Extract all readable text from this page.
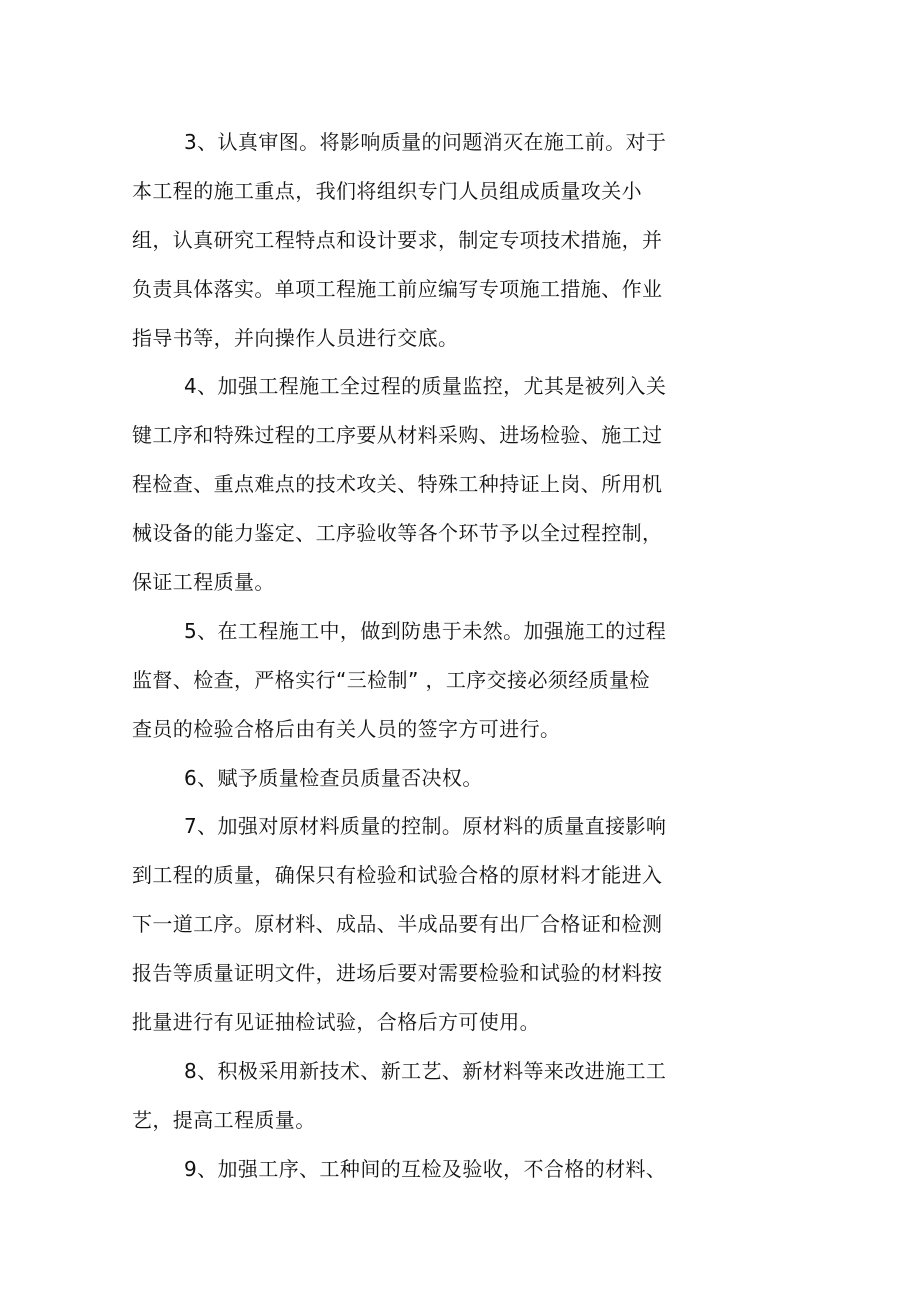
3、认真审图。将影响质量的问题消灭在施工前。对于
本工程的施工重点，我们将组织专门人员组成质量攻关小
组，认真研究工程特点和设计要求，制定专项技术措施，并
负责具体落实。单项工程施工前应编写专项施工措施、作业
指导书等，并向操作人员进行交底。
4、加强工程施工全过程的质量监控，尤其是被列入关
键工序和特殊过程的工序要从材料采购、进场检验、施工过
程检查、重点难点的技术攻关、特殊工种持证上岗、所用机
械设备的能力鉴定、工序验收等各个环节予以全过程控制，
保证工程质量。
5、在工程施工中，做到防患于未然。加强施工的过程
监督、检查，严格实行“三检制” ，工序交接必须经质量检
查员的检验合格后由有关人员的签字方可进行。
6、赋予质量检查员质量否决权。
7、加强对原材料质量的控制。原材料的质量直接影响
到工程的质量，确保只有检验和试验合格的原材料才能进入
下一道工序。原材料、成品、半成品要有出厂合格证和检测
报告等质量证明文件，进场后要对需要检验和试验的材料按
批量进行有见证抽检试验，合格后方可使用。
8、积极采用新技术、新工艺、新材料等来改进施工工
艺，提高工程质量。
9、加强工序、工种间的互检及验收，不合格的材料、
